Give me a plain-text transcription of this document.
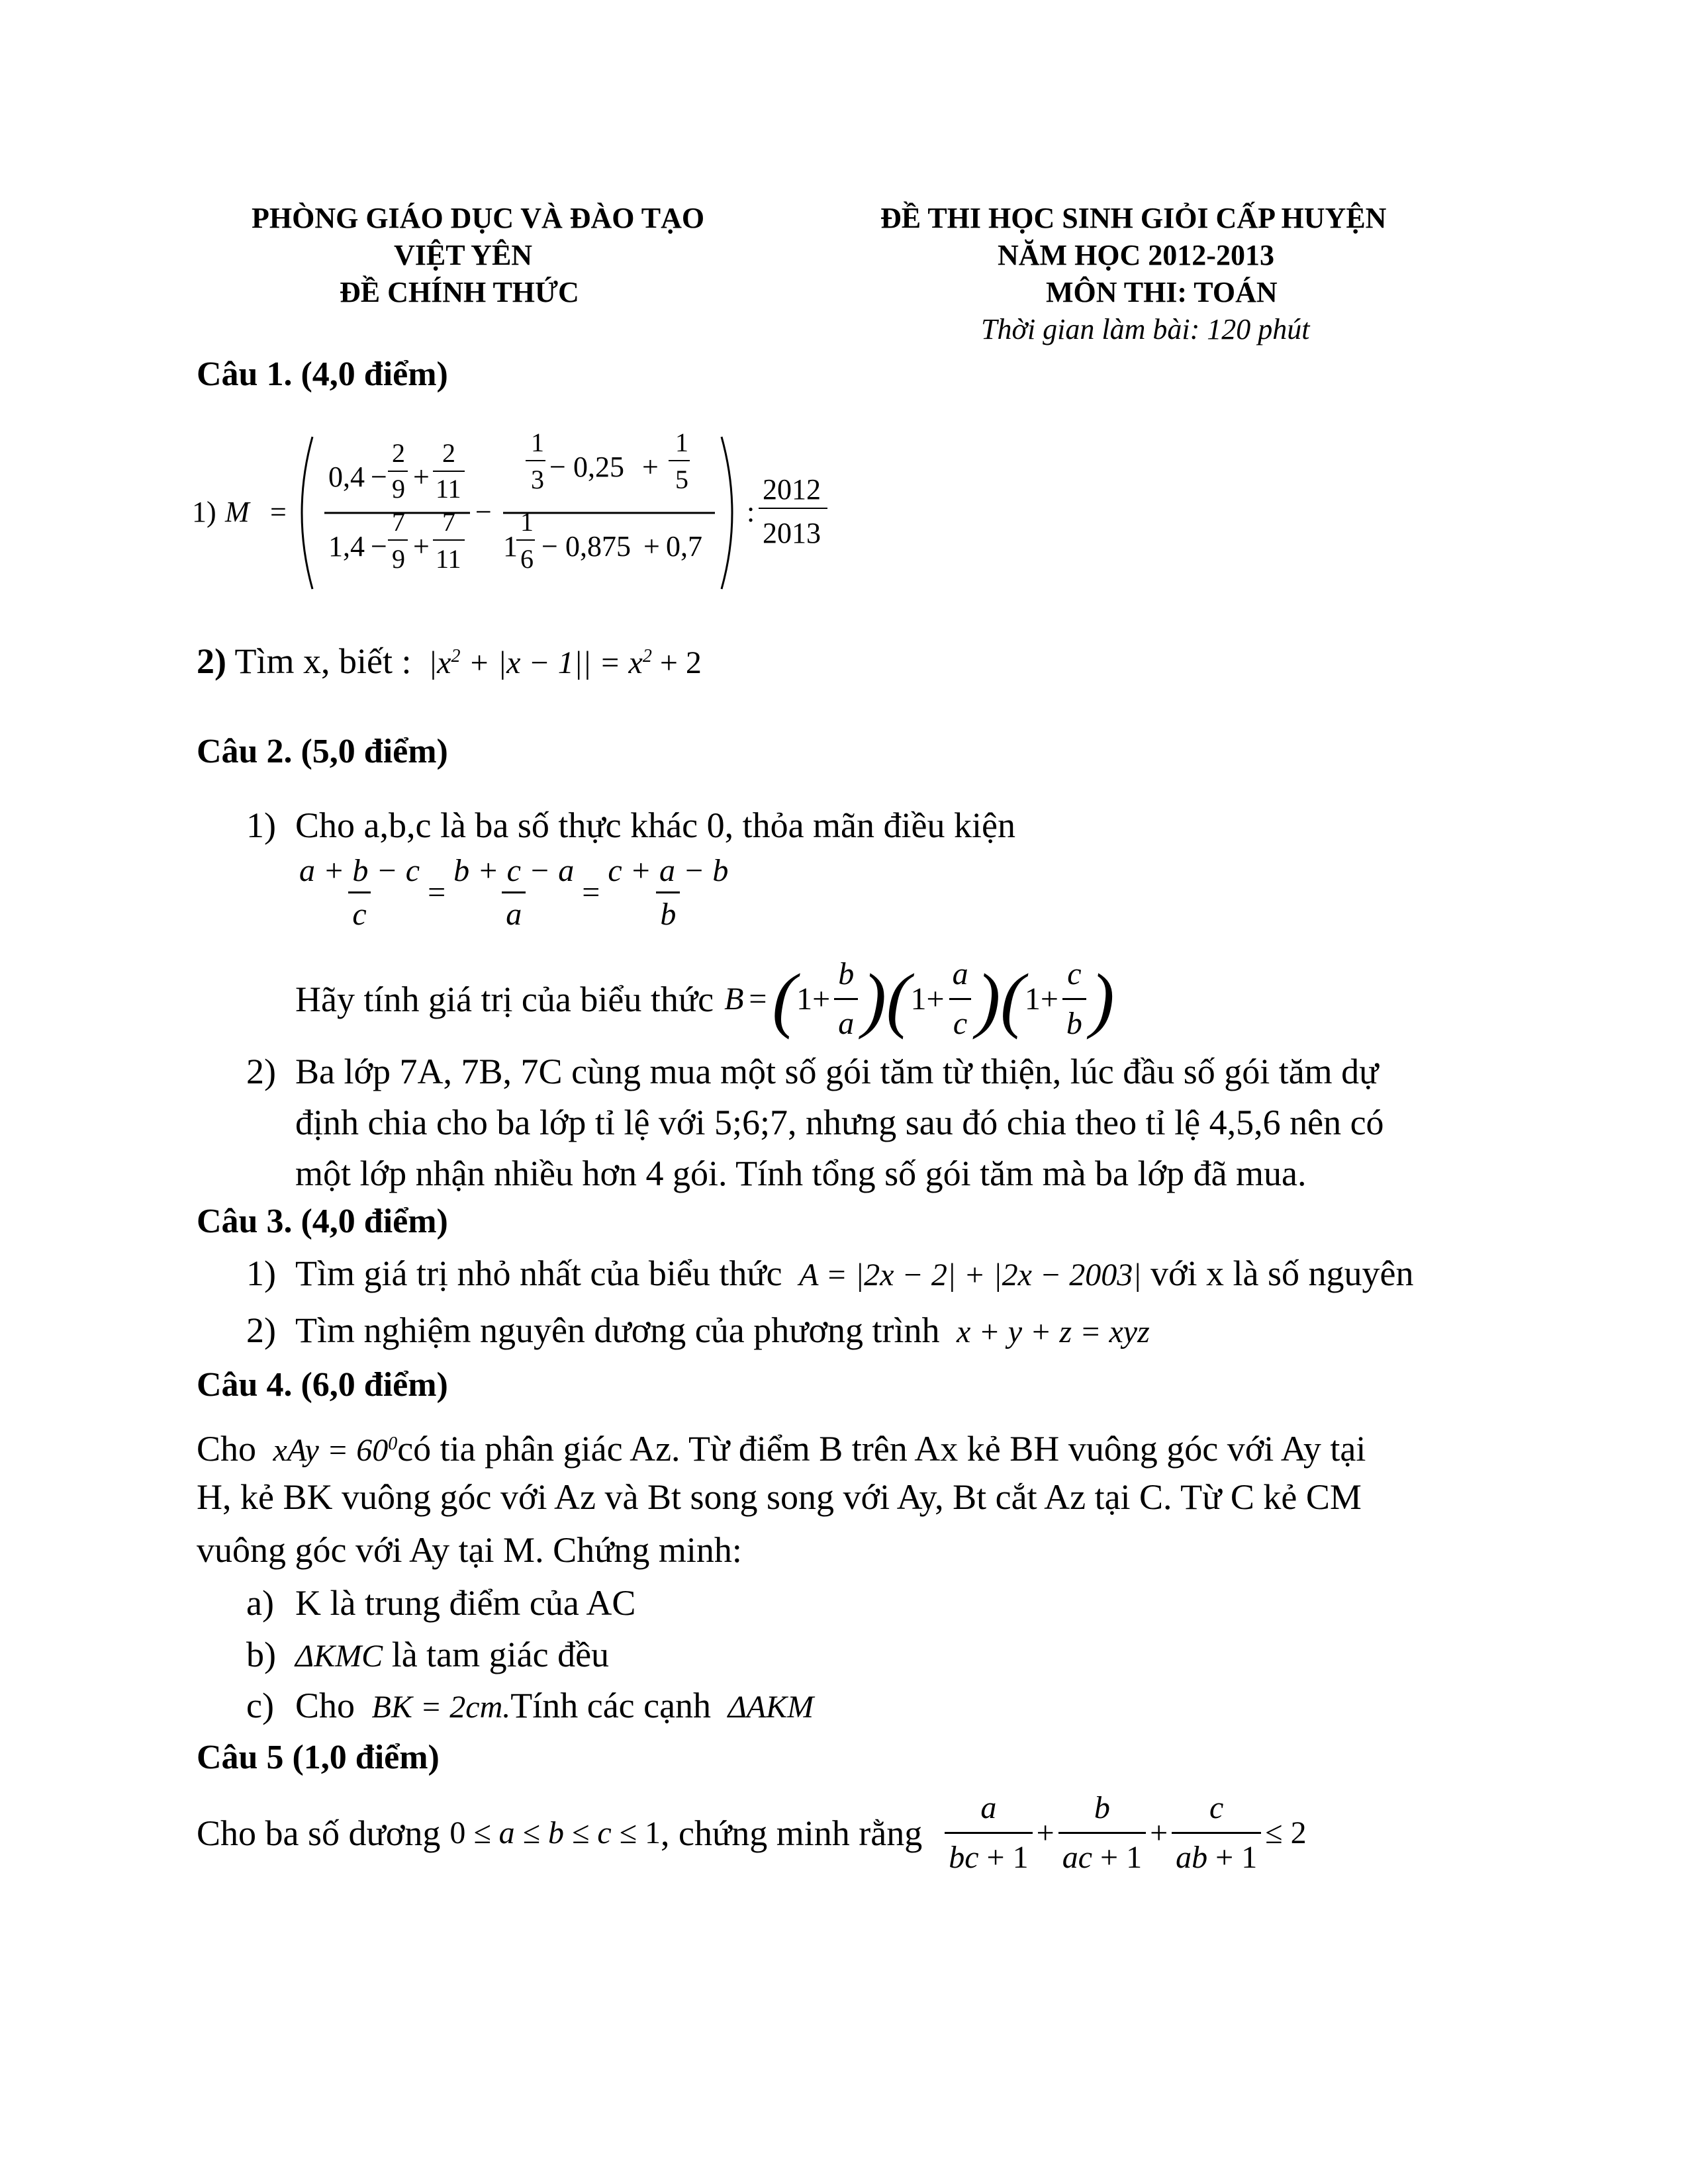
PHÒNG GIÁO DỤC VÀ ĐÀO TẠO
VIỆT YÊN
ĐỀ CHÍNH THỨC
ĐỀ THI HỌC SINH GIỎI CẤP HUYỆN
NĂM HỌC 2012-2013
MÔN THI: TOÁN
Thời gian làm bài: 120 phút
Câu 1. (4,0 điểm)
1) M =
0,4 −
2
9 +
2
11
1,4 −
7
9 +
7
11
−
1
3 − 0,25 +
1
5
1
1
6 − 0,875 + 0,7
:
2012
2013
2) Tìm x, biết :  $|x^2 + |x - 1|| = x^2 + 2$
Câu 2. (5,0 điểm)
1) Cho a,b,c là ba số thực khác 0, thỏa mãn điều kiện
$\frac{a + b - c}{c} = \frac{b + c - a}{a} = \frac{c + a - b}{b}$
Hãy tính giá trị của biểu thức B = ( $1+ \frac{b}{a}$ ) ( $1+ \frac{a}{c}$ ) ( $1+ \frac{c}{b}$ )
2) Ba lớp 7A, 7B, 7C cùng mua một số gói tăm từ thiện, lúc đầu số gói tăm dự
định chia cho ba lớp tỉ lệ với 5;6;7, nhưng sau đó chia theo tỉ lệ 4,5,6 nên có
một lớp nhận nhiều hơn 4 gói. Tính tổng số gói tăm mà ba lớp đã mua.
Câu 3. (4,0 điểm)
1) Tìm giá trị nhỏ nhất của biểu thức  A = |2x − 2| + |2x − 2003| với x là số nguyên
2) Tìm nghiệm nguyên dương của phương trình  x + y + z = xyz
Câu 4. (6,0 điểm)
Cho  xAy = $60^0có$ tia phân giác Az. Từ điểm B trên Ax kẻ BH vuông góc với Ay tại
H, kẻ BK vuông góc với Az và Bt song song với Ay, Bt cắt Az tại C. Từ C kẻ CM
vuông góc với Ay tại M. Chứng minh:
a) K là trung điểm của AC
b) ΔKMC là tam giác đều
c) Cho  BK = 2cm.Tính các cạnh  ΔAKM
Câu 5 (1,0 điểm)
Cho ba số dương 0 ≤ a ≤ b ≤ c ≤ 1 , chứng minh rằng $\frac{a}{bc + 1} + \frac{b}{ac + 1} + \frac{c}{ab + 1} \le 2$
